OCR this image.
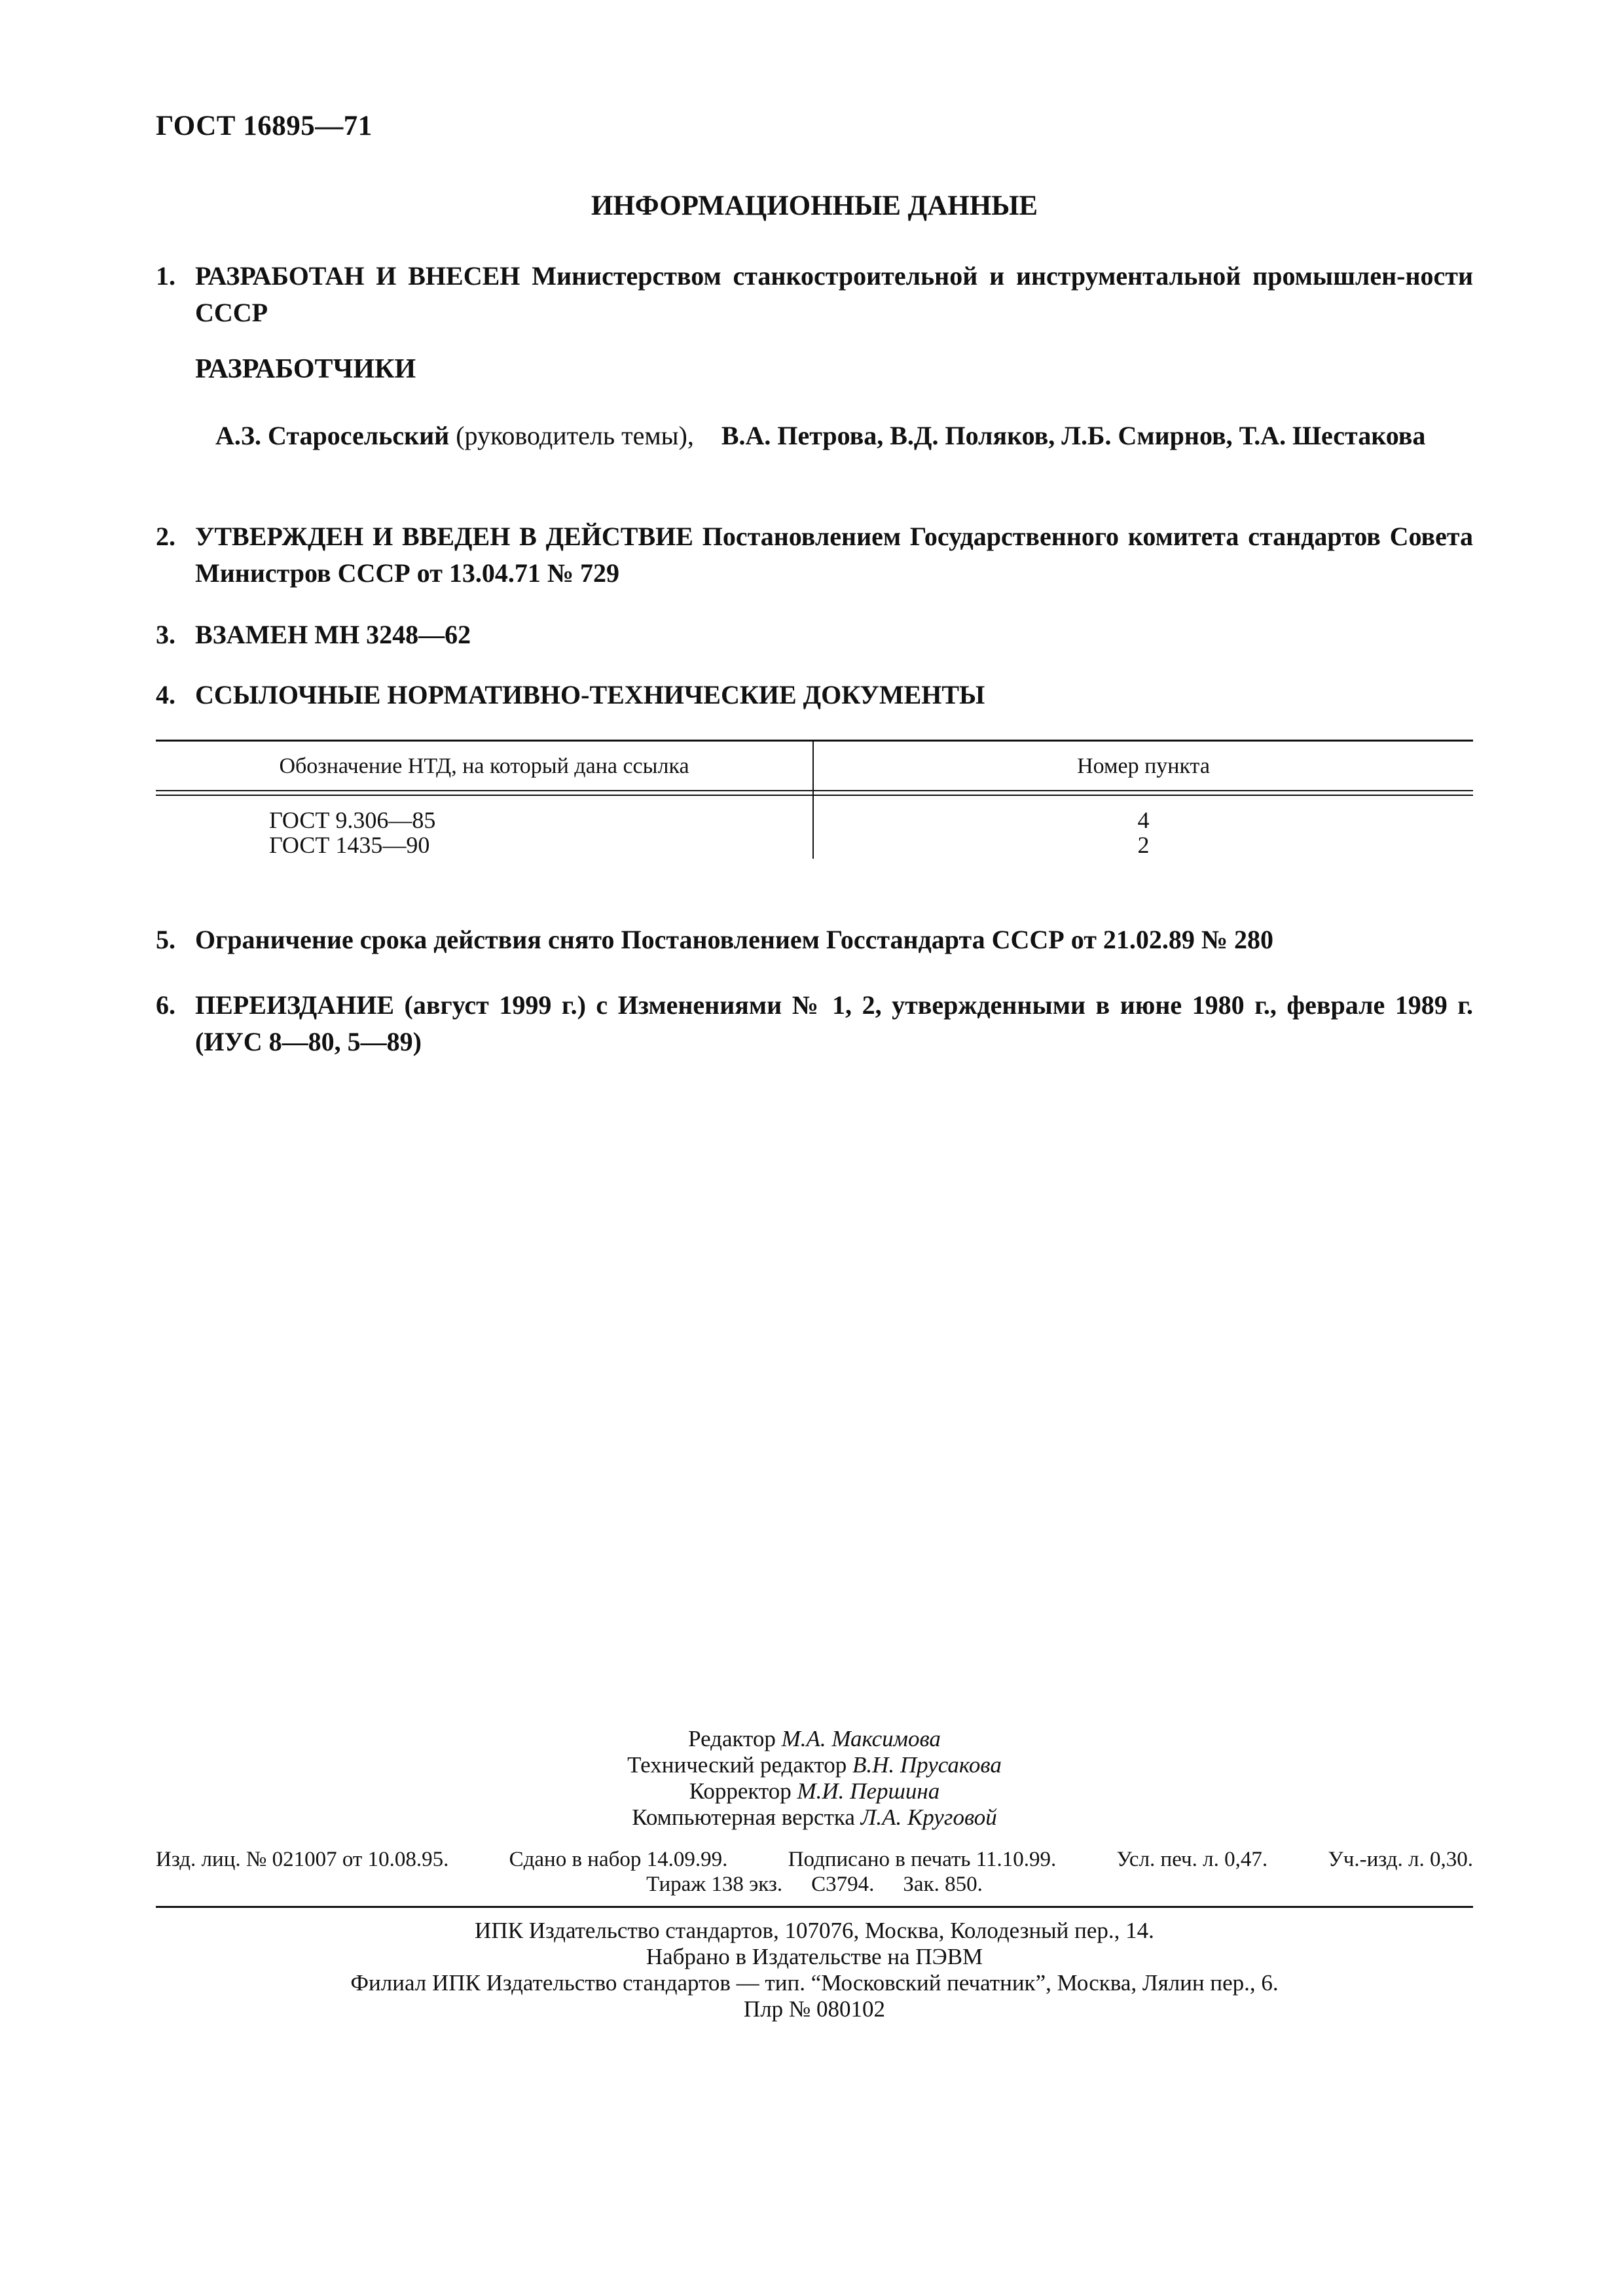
ГОСТ 16895—71
ИНФОРМАЦИОННЫЕ ДАННЫЕ
1. РАЗРАБОТАН И ВНЕСЕН Министерством станкостроительной и инструментальной промышлен-ности СССР
РАЗРАБОТЧИКИ
А.З. Старосельский (руководитель темы), В.А. Петрова, В.Д. Поляков, Л.Б. Смирнов, Т.А. Шестакова
2. УТВЕРЖДЕН И ВВЕДЕН В ДЕЙСТВИЕ Постановлением Государственного комитета стандартов Совета Министров СССР от 13.04.71 № 729
3. ВЗАМЕН МН 3248—62
4. ССЫЛОЧНЫЕ НОРМАТИВНО-ТЕХНИЧЕСКИЕ ДОКУМЕНТЫ
Обозначение НТД, на который дана ссылка	Номер пункта
ГОСТ 9.306—85	4
ГОСТ 1435—90	2
5. Ограничение срока действия снято Постановлением Госстандарта СССР от 21.02.89 № 280
6. ПЕРЕИЗДАНИЕ (август 1999 г.) с Изменениями № 1, 2, утвержденными в июне 1980 г., феврале 1989 г. (ИУС 8—80, 5—89)
Редактор М.А. Максимова
Технический редактор В.Н. Прусакова
Корректор М.И. Першина
Компьютерная верстка Л.А. Круговой
Изд. лиц. № 021007 от 10.08.95.	Сдано в набор 14.09.99.	Подписано в печать 11.10.99.	Усл. печ. л. 0,47.	Уч.-изд. л. 0,30.
Тираж 138 экз. С3794. Зак. 850.
ИПК Издательство стандартов, 107076, Москва, Колодезный пер., 14.
Набрано в Издательстве на ПЭВМ
Филиал ИПК Издательство стандартов — тип. “Московский печатник”, Москва, Лялин пер., 6.
Плр № 080102
